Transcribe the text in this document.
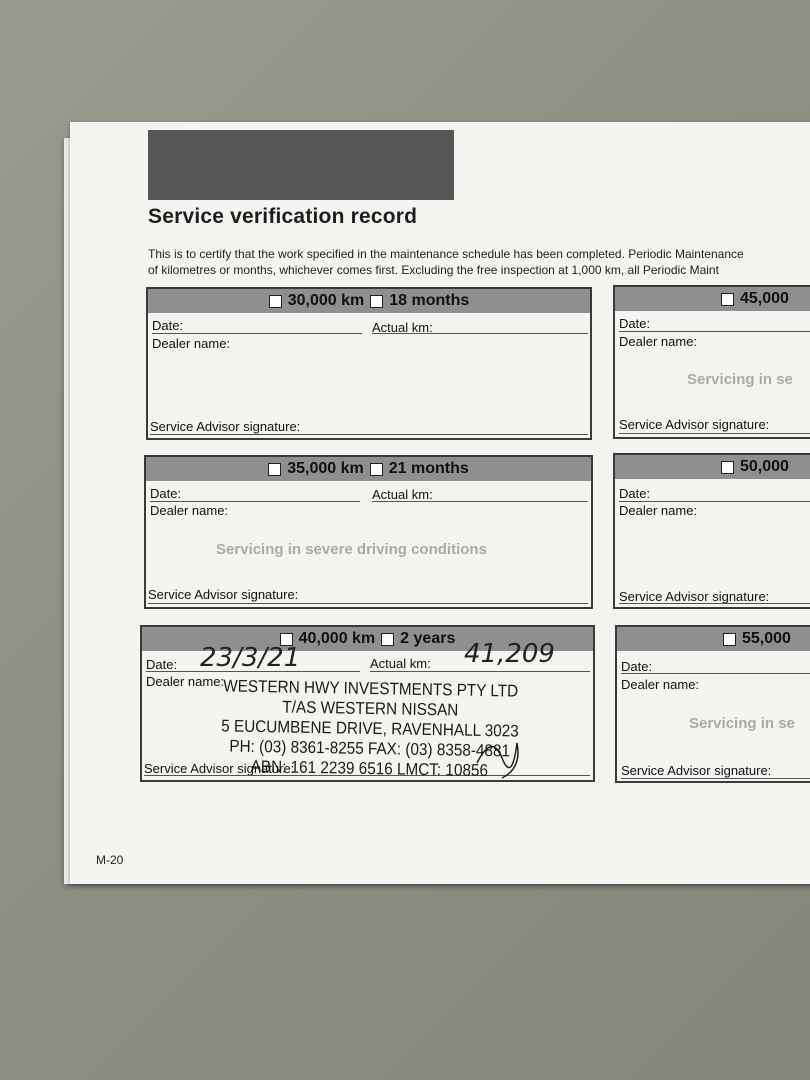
Service verification record
This is to certify that the work specified in the maintenance schedule has been completed. Periodic Maintenance
of kilometres or months, whichever comes first. Excluding the free inspection at 1,000 km, all Periodic Maint
30,000 km 18 months
Date:	Actual km:
Dealer name:
Service Advisor signature:
35,000 km 21 months
Date:	Actual km:
Dealer name:
Servicing in severe driving conditions
Service Advisor signature:
40,000 km 2 years
Date:	Actual km:
Dealer name:
Service Advisor signature:
23/3/21	41,209
WESTERN HWY INVESTMENTS PTY LTD
T/AS WESTERN NISSAN
5 EUCUMBENE DRIVE, RAVENHALL 3023
PH: (03) 8361-8255 FAX: (03) 8358-4881
ABN: 161 2239 6516 LMCT: 10856
45,000
Date:
Dealer name:
Servicing in se
Service Advisor signature:
50,000
Date:
Dealer name:
Service Advisor signature:
55,000
Date:
Dealer name:
Servicing in se
Service Advisor signature:
M-20
